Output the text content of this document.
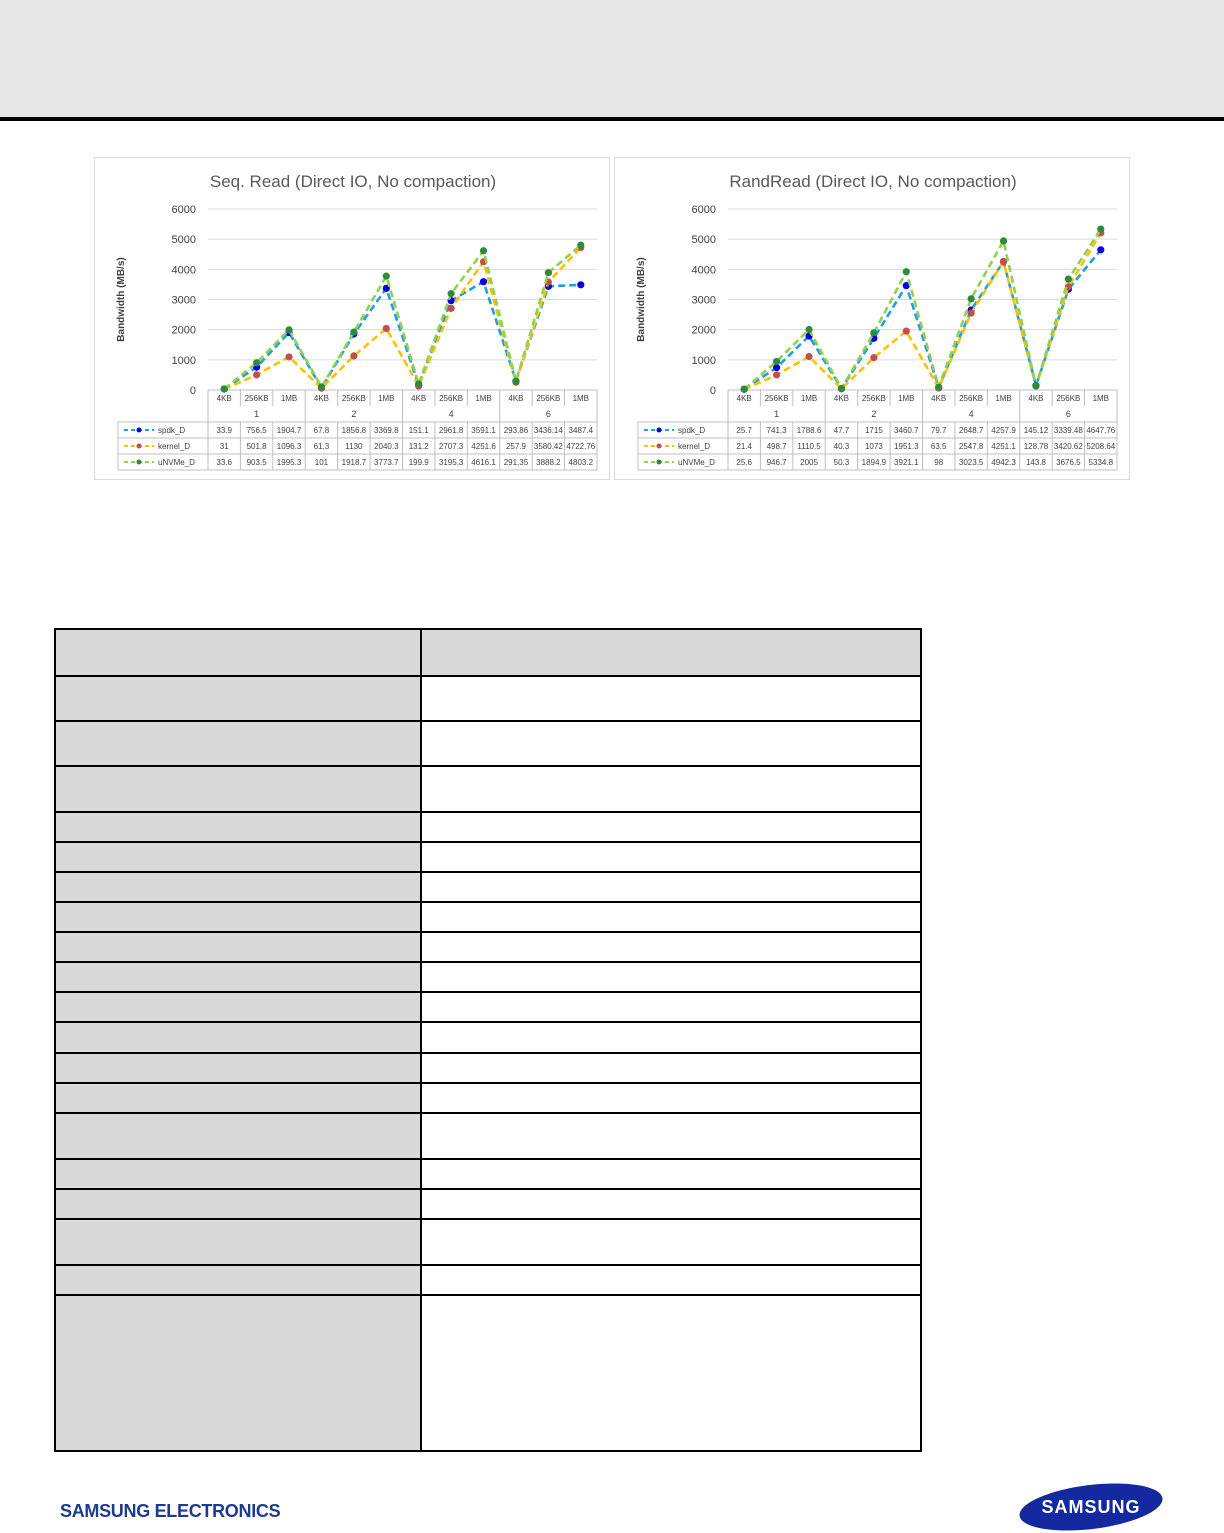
Seq. Read (Direct IO, No compaction)
Bandwidth (MB/s)
0
1000
2000
3000
4000
5000
6000
4KB 256KB 1MB 4KB 256KB 1MB 4KB 256KB 1MB 4KB 256KB 1MB
1	2	4	6
spdk_D	33.9 756.5 1904.7 67.8 1856.8 3369.8 151.1 2961.8 3591.1 293.86 3436.14 3487.4
kernel_D	31 501.8 1096.3 61.3 1130 2040.3 131.2 2707.3 4251.6 257.9 3580.42 4722.76
uNVMe_D	33.6 903.5 1995.3 101 1918.7 3773.7 199.9 3195.3 4616.1 291.35 3888.2 4803.2
RandRead (Direct IO, No compaction)
Bandwidth (MB/s)
0
1000
2000
3000
4000
5000
6000
4KB 256KB 1MB 4KB 256KB 1MB 4KB 256KB 1MB 4KB 256KB 1MB
1	2	4	6
spdk_D	25.7 741.3 1788.6 47.7 1715 3460.7 79.7 2648.7 4257.9 145.12 3339.48 4647.76
kernel_D	21.4 498.7 1110.5 40.3 1073 1951.3 63.5 2547.8 4251.1 128.78 3420.62 5208.64
uNVMe_D	25.6 946.7 2005 50.3 1894.9 3921.1 98 3023.5 4942.3 143.8 3676.5 5334.8

SAMSUNG ELECTRONICS	SAMSUNG
